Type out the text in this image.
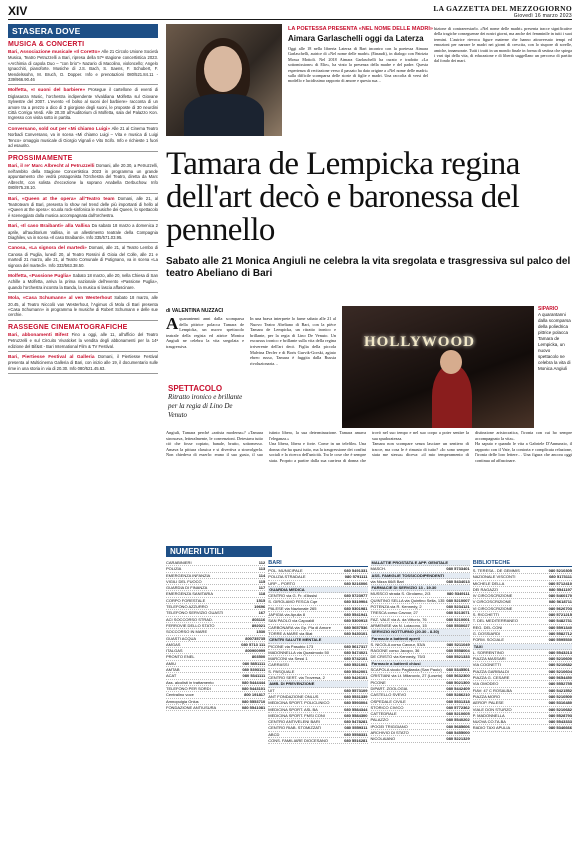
XIV	LA GAZZETTA DEL MEZZOGIORNO
Giovedì 16 marzo 2023
STASERA DOVE
MUSICA & CONCERTI
Bari, Associazione musicale «Il Coretto» Alle 21 Circolo Unione Società Musica, Teatro Petruzzelli a Bari, ripresa della 57ª stagione concertistica 2023. «Archimia di capola Duo – "con brio"» Nazario di Macolino, violoncello; Angelo Ignacchiti, pianoforte. Musiche di J.S. Bach, S. Saens, F. Schubert, F. Mendelssohn, M. Bruch, D. Dopper. Info e prenotazioni 080/521.84.11 - 339/966.90.46
Molfetta, «I suoni del barbiere» Prosegue il cartellone di eventi di Diglasanza Music, l'orchestra indipendente Vivaldiana Molfetta sul Giovane Sylvestre del 2007. L'evento «Il bolso al suoni del barbiere» racconta di un amore tra a prezzo a dico di 3 giorgiose degli suoni, le proposte di 30 neurdini Città Corriga Verdi. Alle 20.30 all'Auditorium di Molfetta, sala del Palazzo Kon. Ingresso con visita sotto in partita.
Conversano, sold out per «Mi chiamo Luigi» Alle 21 al Cinema Teatro Norbadi Conversano, va in scena «Mi chiamo Luigi – Vita e musica di Luigi Tenco» omaggio musicale di Giorgio Vignali e Vito Scifo. Info e richieste 1 fuori ad esaurito.
PROSSIMAMENTE
Bari, il re' Marc Albrecht al Petruzzelli Domani, alle 20.30, a Petruzzelli, nell'ambito della Stagione Concertistica 2023 in programma un grande appuntamento che vedrà protagonista l'Orchestra del Teatro, diretta da Marc Albrecht, con solista d'eccezione la soprano Anabella Derbuchow. Info 080/975.28.10.
Bari, «Queen at the opera» all'Teatro team Domani, alle 21, al Teatroteam di Bari, presenta lo show nel trend delle più importanti di hello al «Queen at the opera»: scuola rock-sinfonica le musiche dei Queen, lo spettacolo è sceneggiato dalla musica accompagnata dall'orchestra.
Bari, «Il caso Braibanti» alla Vallisa Da sabato 18 marzo a domenica 2 aprile, all'auditorium Vallisa, in un allestimento teatrale della Compagnia Diaghilev, va in scena «Il caso Braibanti». Info 335/571.03.95.
Canosa, «La signora del martedì» Domani, alle 21, al Teatro Lembo di Canosa di Puglia, lunedì 20, al Teatro Rossini di Gioia del Colle, alle 21 e martedì 21 marzo, alle 21, al Teatro Comunale di Putignano, va in scena «La signora del martedì». Info 333/563.38.50.
Molfetta, «Passione Puglia» Sabato 18 marzo, alle 20, nella Chiesa di San Achille a Molfetta, arriva la prima nazionale dell'evento «Passione Puglia», quando l'orchestra incontra la Banda, la musica si lascia affascinare.
Mola, «Casa Schumann» al ven Westerhout Sabato 18 marzo, alle 20.45, al Teatro Niccolò van Westerhout, l'Agimus di Mola di Bari presenta «Casa Schumann» in programma le musiche di Robert Schumann e delle sue cerchie.
RASSEGNE CINEMATOGRAFICHE
Bari, abbonamenti Bifest Fino a oggi, alle 11, all'ufficio del Teatro Petruzzelli e sul Circuito Vivaticket la vendita degli abbonamenti per la 14ª edizione del Bif&st - Bari International Film & TV Festival.
Bari, Piertiesse Festival al Galleria Domani, il Piertiesse Festival presenta al Multicinema Galleria di Bari, con inizio alle 19, il documentario sulle rime in una storia in via di 20.30. Info 080/521.45.63.
LA POETESSA PRESENTA «NEL NOME DELLE MADRI»
Aimara Garlaschelli oggi da Laterza
Oggi alle 18 nella libreria Laterza di Bari incontro con la poetessa Aimara Garlaschelli, autrice di «Nel nome delle madri» (Einaudi), in dialogo con Patrizia Mossa Mottoli. Nel 2018 Aimara Garlaschelli ha curato e tradotto «La sottomissione» di Elie», ha vinto la presenza della madre e del padre. Questa esperienza di recitazione verso il passato ha dato origine a «Nel nome delle madri» sulla difficile scomparsa delle storie di figlie e madri. Una raccolta di versi del modello e lucidissimo rapporto di amore e questa sua…
bizione di contraerestarlo. «Nel nome delle madri» presenta tracce significative della tragiche conseguenze dei nostri giorni, ma anche dei femminile in tutti i suoi termini. L'autrice rievoca figure materne che hanno attraversato tempi ed emozioni per narrare le madri nei giorni di crescita, con lo stupore di sorelle, amiche, innamorate. Tutti i tratti in un mondo finale in forma di sestina che spiega i vari tipi della vita, di educazione e di libertà suggellano un percorso di partito dal fondo dei mari.
Tamara de Lempicka regina dell'art decò e baronessa del pennello
Sabato alle 21 Monica Angiuli ne celebra la vita sregolata e trasgressiva sul palco del teatro Abeliano di Bari
di VALENTINA NUZZACI
A quarantenni anni dalla scomparsa della pittrice polacca Tamara de Lempicka, un nuovo spettacolo teatrale della regista ed attrice Monica Angiuli ne celebra la vita sregolata e trasgressiva.
SPETTACOLO
Ritratto ironico e brillante per la regia di Lino De Venuto
In una brava interprete lo farne sabato alle 21 al Nuovo Teatro Abeliano di Bari, con la pièce Tamara de Lempicka, un ritratto ironico e brillante, per la regia di Lino De Venuto. Un excursus ironico e brillante sulla vita della regina irriverente dell'art decò. Figlia della piccola Malvina Decler e di Boris Gurvik-Gorski, agiato ebreo russo, Tamara è fuggita dalla Russia rivoluzionaria…
HOLLYWOOD
SIPARIO
A quarantanni dalla scomparsa della poliedrica pittrice polacca Tamara de Lempicka, un nuovo spettacolo ne celebra la vita di Monica Angiuli

Angiuli, Tamara perché «artista moderna»? «Tamara stroncava, letteralmente, le convenzioni. Detestava tutto ciò che fosse copiato, banale, brutto, sottomesso. Amava la pittura classica e si divertiva a stravolgerla. Non chiedeva di esserlo: erano il suo gusto, il suo istinto libero, la sua determinazione. Tamara amava l'eleganza.»

Una libera, libera e forte. Come in un telefilm. Una donna che ha quasi tutto, ma la trasgressione dei confini sociali e la ricerca dell'unicità. Tra le cose che è sempre stata. Proprio a partire dalla sua carriera di donna che trovò nel suo tempo e nel suo corpo a poter sentire la sua spudoratezza.

Tamara non scompare senza lasciare un sentiero di tracce, ma cosa le è rimasto di tutto? «Io sono sempre stata me stessa» diceva: «il mio temperamento di distinzione aristocratica, l'ironia con cui ho sempre accompagnato la vita».

Ha saputo e quando le vita a Gabriele D'Annunzio, il rapporto con il Vate, la contorta e complicata relazione, l'ironia delle loro lettere… Una figura che ancora oggi continua ad affascinare.

NUMERI UTILI
CARABINIERI	112
POLIZIA	113
EMERGENZA INFANZIA	114
VIGILI DEL FUOCO	115
GUARDIA DI FINANZA	117
EMERGENZA SANITARIA	118
CORPO FORESTALE	1515
TELEFONO AZZURRO	19696
TELEFONO SERVIZIO GUASTI	167
ACI SOCCORSO STRAD.	803116
FERROVIE DELLO STATO	892021
SOCCORSO IN MARE	1530
GUASTI ACQUA	800735735
AMGAS	080 5713 111
ITALGAS	800900999
PRONTO ENEL	803500
AMIU	080 5851111
AMTAB	080 5393111
ACAT	080 5341111
Ass. alcolisti in trattamento	080 5444444
TELEFONO PER SORDI	080 5443101
Centralino voce	800 191817
Amnopulgia Onlus	080 5553710
FONDAZIONE ANTIUSURA	080 5541081
BARI
POL. MUNICIPALE	080 5491331
POLIZIA STRADALE	080 5791111
URP – PORTO	080 5216006
GUARDIA MEDICA
CENTRO via G. Fr. d'Assisi	080 5723977
S. GIROLAMO FESCA Cqe	080 5319904
PALESE via Nazionale 265	080 5301981
JAPIGIA via Apulia 8	080 5541941
SAN PAOLO via Capoaldi	080 5300913
CARBONARA via Gp. Pla di Amore	080 5657536
TORRE A MARE via Biat	080 5430101
CENTRI SALUTE MENTALE
PICONE via Pasubio 173	080 5617317
MADONNELLA via Quasimodo 50	080 5474021
MARCONI via Sessi 1	080 5742101
CARRASSI	080 5521001
S. PASQUALE	080 5542001
CENTRO SERT. via Troversa, 2	080 5426101
AMB. DI PREVENZIONE
UIT	080 5573109
ANT FONDAZIONE ONLUS	080 5531339
MEDICINA SPORT. POLICLINICO	080 5593004
MEDICINA SPORT. ASL BA	080 5584344
MEDICINA SPORT. FMSI CONI	080 5584300
CENTRO ANTIVELENI BARI	080 5478281
CENTRO RIAB. STOMIZZATI	080 5559311
ABCD	080 5558331
CONS. FAMILIARE DIOCESANO	080 5516281
MALATTIE PROSTATA E APP. GENITALE
MASCH.	080 5733401
ASS. FAMIGLIE TOSSICODIPENDENTI
via Nizza 66/8 Bari	080 5434013
FARMACIE DI SERVIZIO 13 - 19.30
MUSSCO strada S. Girolamo, 2/3	080 5349111
QUINTINO SELLA via Quintino Sella, 135 080 5210007
POTENZA via R. Kennedy, 2	080 5234121
TRESCA corso Cavour, 27	080 5213071
FAZ. VALE via A. da Vittorio, 76	080 5210001
ARMENISE via N. Loiacono, 15	080 5530027
SERVIZIO NOTTURNO (20.30 - 8.30)
Farmacie a battenti aperti
S. NICOLA corso Cavour, 53/A	080 5211049
RAGONE corso Jacopo, 36	080 5558004
DE CRISTO via Kennedy, 75/3	080 5521333
Farmacie a battenti chiusi
SCAPOLA vicolo Pagliarola (San Paolo) 080 5345501
CRISTIANI via Lt. Milanovic, 27 (Loseto) 080 5632300
PICONE	080 5021300
DIPART. ZOOLOGIA	080 5442409
CASTELLO SVEVO	080 5286210
OSPEDALE CIVILE	080 5531318
STORICO CIVICO	080 5772362
CATTEDRALE	080 5210605
PALAZZO	080 5540202
IPOGEI TRIGGIANO	080 5685606
ARCHIVIO DI STATO	080 5455000
NICOLAIANO	080 5221329
BIBLIOTECHE
S. TERESA - DE GEMMIS	080 5210305
NAZIONALE VISCONTI	080 5173111
MICHELE DELLA	080 5712410
DEI RAGAZZI	080 5541197
IV CIRCOSCRIZIONE	080 5460170
V CIRCOSCRIZIONE	080 5618711
VI CIRCOSCRIZIONE	080 5626703
S. RICCHETTI	080 5721215
T. DEL MEDITERRANEO	080 5482731
REG. DEL CONI	080 5591340
G. DOSSIARDI	080 5582712
FORM. SOCIALE	080 5595530
TAXI
L. SORRENTINO	080 5543213
PIAZZA MASSARI	080 5210600
VIA COGNETTI	080 5210682
PIAZZA GARIBALDI	080 5210604
PIAZZA G. CESARE	080 5654450
VIA OMODEO	080 5552755
FIAV: 47 C ROSALBA	080 5421552
PIAZZA MORO	080 5210500
AEROP. PALESE	080 5316480
VIALE DON STURZO	080 5210682
P. MADONNELLA	080 5528793
NUOVA CO.TA.BA	080 5543333
RADIO TAXI APULIA	080 5346666
